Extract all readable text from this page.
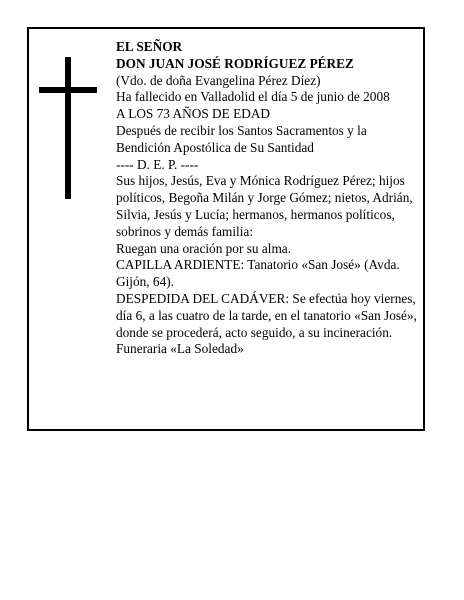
EL SEÑOR

DON JUAN JOSÉ RODRÍGUEZ PÉREZ

(Vdo. de doña Evangelina Pérez Díez)

Ha fallecido en Valladolid el día 5 de junio de 2008

A LOS 73 AÑOS DE EDAD

Después de recibir los Santos Sacramentos y la Bendición Apostólica de Su Santidad

---- D. E. P. ----

Sus hijos, Jesús, Eva y Mónica Rodríguez Pérez; hijos políticos, Begoña Milán y Jorge Gómez; nietos, Adrián, Silvia, Jesús y Lucía; hermanos, hermanos políticos, sobrinos y demás familia:

Ruegan una oración por su alma.

CAPILLA ARDIENTE: Tanatorio «San José» (Avda. Gijón, 64).

DESPEDIDA DEL CADÁVER: Se efectúa hoy viernes, día 6, a las cuatro de la tarde, en el tanatorio «San José», donde se procederá, acto seguido, a su incineración.

Funeraria «La Soledad»
